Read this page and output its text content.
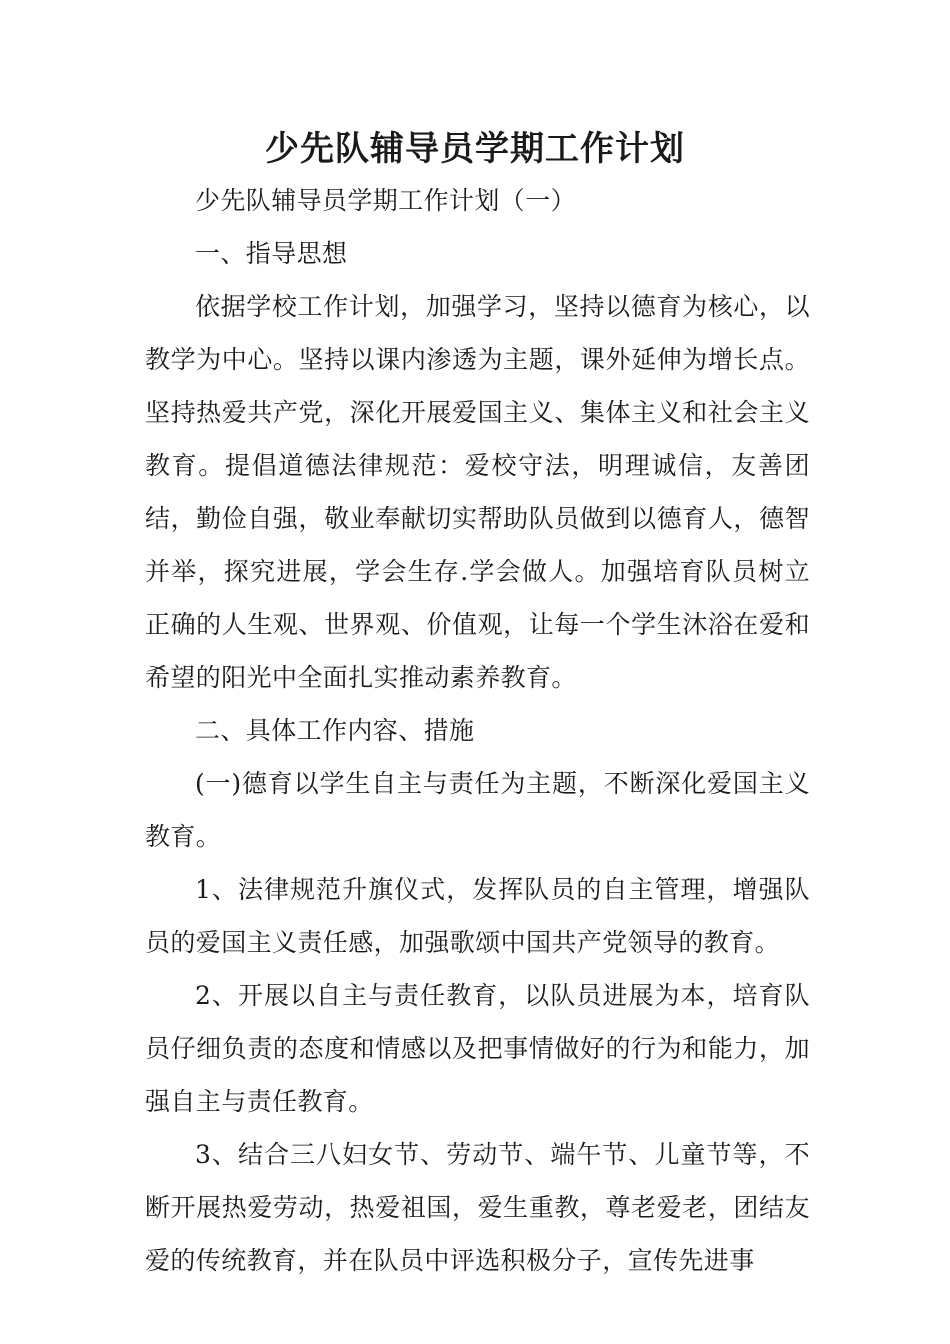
少先队辅导员学期工作计划

少先队辅导员学期工作计划（一）

一、指导思想

依据学校工作计划，加强学习，坚持以德育为核心，以教学为中心。坚持以课内渗透为主题，课外延伸为增长点。坚持热爱共产党，深化开展爱国主义、集体主义和社会主义教育。提倡道德法律规范：爱校守法，明理诚信，友善团结，勤俭自强，敬业奉献切实帮助队员做到以德育人，德智并举，探究进展，学会生存.学会做人。加强培育队员树立正确的人生观、世界观、价值观，让每一个学生沐浴在爱和希望的阳光中全面扎实推动素养教育。

二、具体工作内容、措施

(一)德育以学生自主与责任为主题，不断深化爱国主义教育。

1、法律规范升旗仪式，发挥队员的自主管理，增强队员的爱国主义责任感，加强歌颂中国共产党领导的教育。

2、开展以自主与责任教育，以队员进展为本，培育队员仔细负责的态度和情感以及把事情做好的行为和能力，加强自主与责任教育。

3、结合三八妇女节、劳动节、端午节、儿童节等，不断开展热爱劳动，热爱祖国，爱生重教，尊老爱老，团结友爱的传统教育，并在队员中评选积极分子，宣传先进事
